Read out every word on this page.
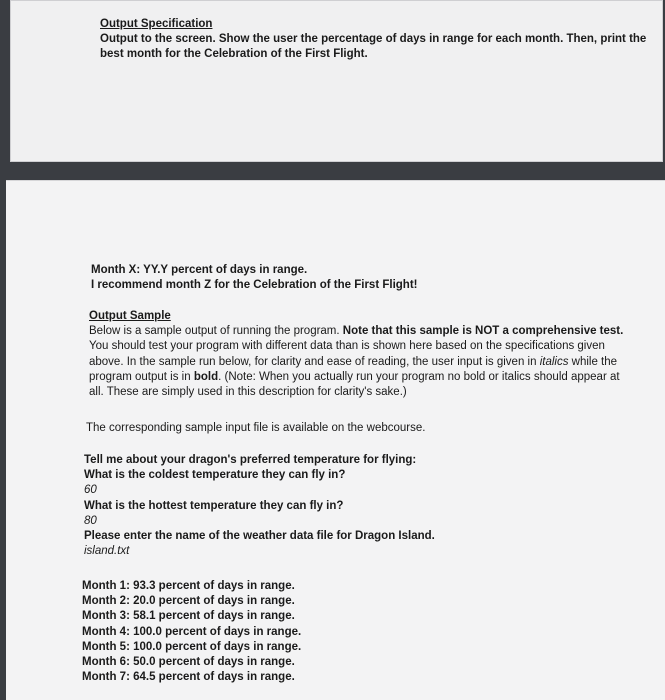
Output Specification
Output to the screen. Show the user the percentage of days in range for each month. Then, print the
best month for the Celebration of the First Flight.
Month X: YY.Y percent of days in range.
I recommend month Z for the Celebration of the First Flight!
Output Sample
Below is a sample output of running the program. Note that this sample is NOT a comprehensive test.
You should test your program with different data than is shown here based on the specifications given
above. In the sample run below, for clarity and ease of reading, the user input is given in italics while the
program output is in bold. (Note: When you actually run your program no bold or italics should appear at
all. These are simply used in this description for clarity's sake.)
The corresponding sample input file is available on the webcourse.
Tell me about your dragon's preferred temperature for flying:
What is the coldest temperature they can fly in?
60
What is the hottest temperature they can fly in?
80
Please enter the name of the weather data file for Dragon Island.
island.txt
Month 1: 93.3 percent of days in range.
Month 2: 20.0 percent of days in range.
Month 3: 58.1 percent of days in range.
Month 4: 100.0 percent of days in range.
Month 5: 100.0 percent of days in range.
Month 6: 50.0 percent of days in range.
Month 7: 64.5 percent of days in range.
